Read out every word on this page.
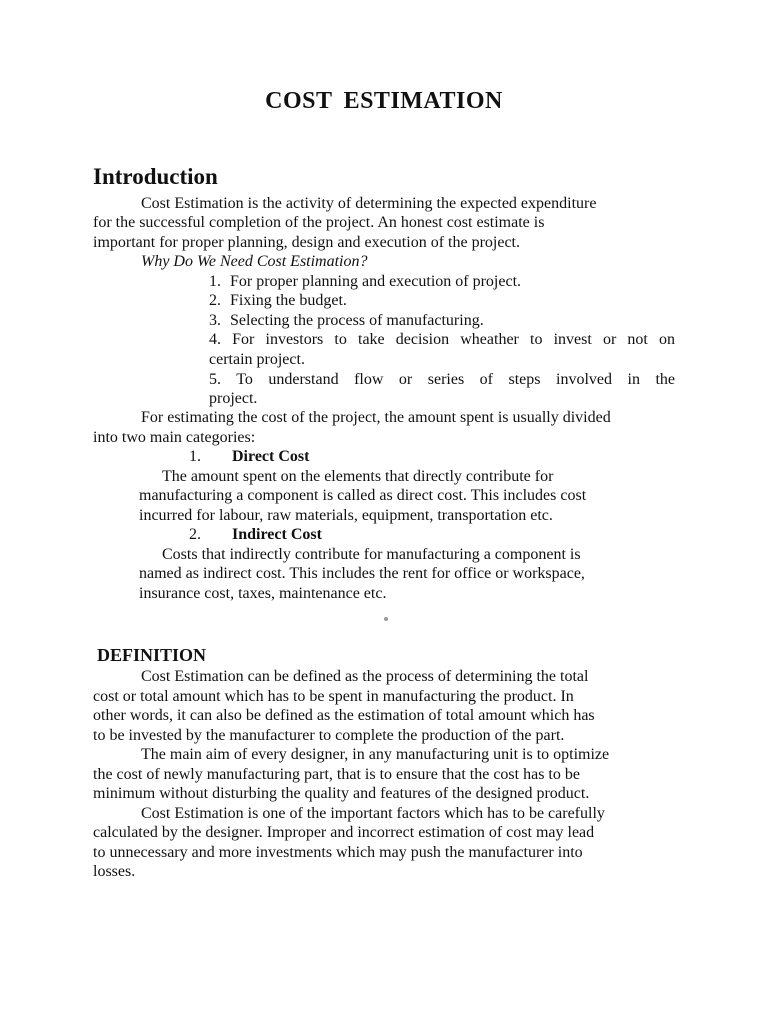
COST ESTIMATION
Introduction
Cost Estimation is the activity of determining the expected expenditure
for the successful completion of the project. An honest cost estimate is
important for proper planning, design and execution of the project.
Why Do We Need Cost Estimation?
1. For proper planning and execution of project.
2. Fixing the budget.
3. Selecting the process of manufacturing.
4. For investors to take decision wheather to invest or not on
certain project.
5. To understand flow or series of steps involved in the
project.
For estimating the cost of the project, the amount spent is usually divided
into two main categories:
1. Direct Cost
The amount spent on the elements that directly contribute for
manufacturing a component is called as direct cost. This includes cost
incurred for labour, raw materials, equipment, transportation etc.
2. Indirect Cost
Costs that indirectly contribute for manufacturing a component is
named as indirect cost. This includes the rent for office or workspace,
insurance cost, taxes, maintenance etc.
DEFINITION
Cost Estimation can be defined as the process of determining the total
cost or total amount which has to be spent in manufacturing the product. In
other words, it can also be defined as the estimation of total amount which has
to be invested by the manufacturer to complete the production of the part.
The main aim of every designer, in any manufacturing unit is to optimize
the cost of newly manufacturing part, that is to ensure that the cost has to be
minimum without disturbing the quality and features of the designed product.
Cost Estimation is one of the important factors which has to be carefully
calculated by the designer. Improper and incorrect estimation of cost may lead
to unnecessary and more investments which may push the manufacturer into
losses.
